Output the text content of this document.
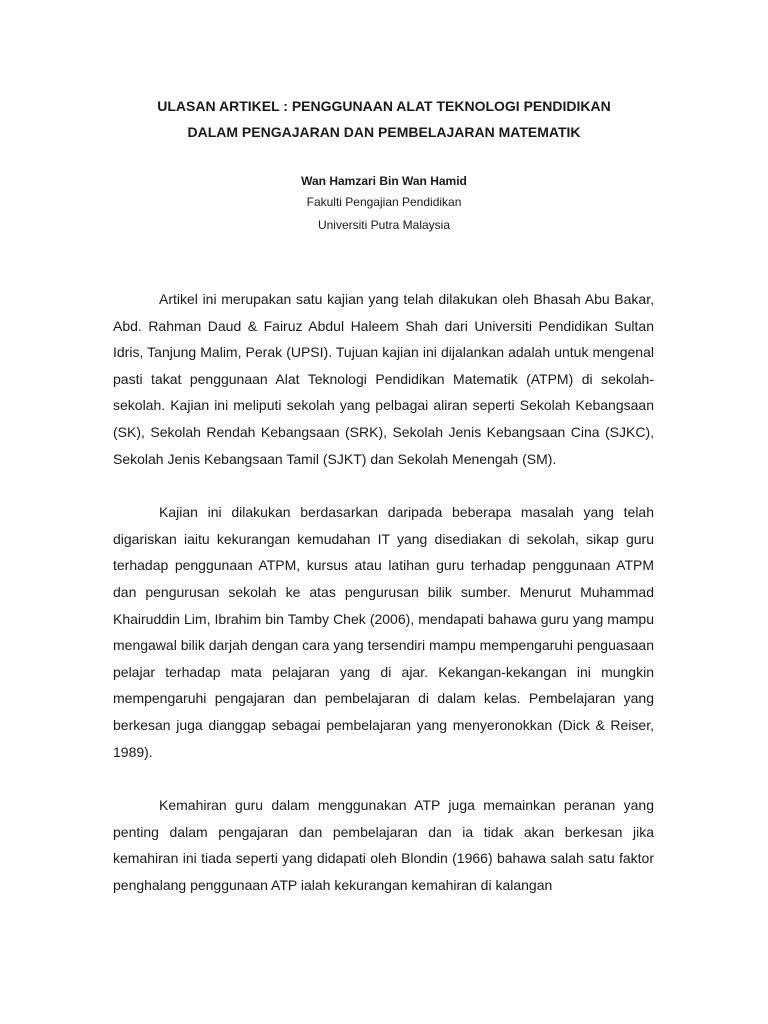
ULASAN ARTIKEL : PENGGUNAAN ALAT TEKNOLOGI PENDIDIKAN

DALAM PENGAJARAN DAN PEMBELAJARAN MATEMATIK

Wan Hamzari Bin Wan Hamid

Fakulti Pengajian Pendidikan

Universiti Putra Malaysia

Artikel ini merupakan satu kajian yang telah dilakukan oleh Bhasah Abu Bakar, Abd. Rahman Daud & Fairuz Abdul Haleem Shah dari Universiti Pendidikan Sultan Idris, Tanjung Malim, Perak (UPSI). Tujuan kajian ini dijalankan adalah untuk mengenal pasti takat penggunaan Alat Teknologi Pendidikan Matematik (ATPM) di sekolah-sekolah. Kajian ini meliputi sekolah yang pelbagai aliran seperti Sekolah Kebangsaan (SK), Sekolah Rendah Kebangsaan (SRK), Sekolah Jenis Kebangsaan Cina (SJKC), Sekolah Jenis Kebangsaan Tamil (SJKT) dan Sekolah Menengah (SM).

Kajian ini dilakukan berdasarkan daripada beberapa masalah yang telah digariskan iaitu kekurangan kemudahan IT yang disediakan di sekolah, sikap guru terhadap penggunaan ATPM, kursus atau latihan guru terhadap penggunaan ATPM dan pengurusan sekolah ke atas pengurusan bilik sumber. Menurut Muhammad Khairuddin Lim, Ibrahim bin Tamby Chek (2006), mendapati bahawa guru yang mampu mengawal bilik darjah dengan cara yang tersendiri mampu mempengaruhi penguasaan pelajar terhadap mata pelajaran yang di ajar. Kekangan-kekangan ini mungkin mempengaruhi pengajaran dan pembelajaran di dalam kelas. Pembelajaran yang berkesan juga dianggap sebagai pembelajaran yang menyeronokkan (Dick & Reiser, 1989).

Kemahiran guru dalam menggunakan ATP juga memainkan peranan yang penting dalam pengajaran dan pembelajaran dan ia tidak akan berkesan jika kemahiran ini tiada seperti yang didapati oleh Blondin (1966) bahawa salah satu faktor penghalang penggunaan ATP ialah kekurangan kemahiran di kalangan
